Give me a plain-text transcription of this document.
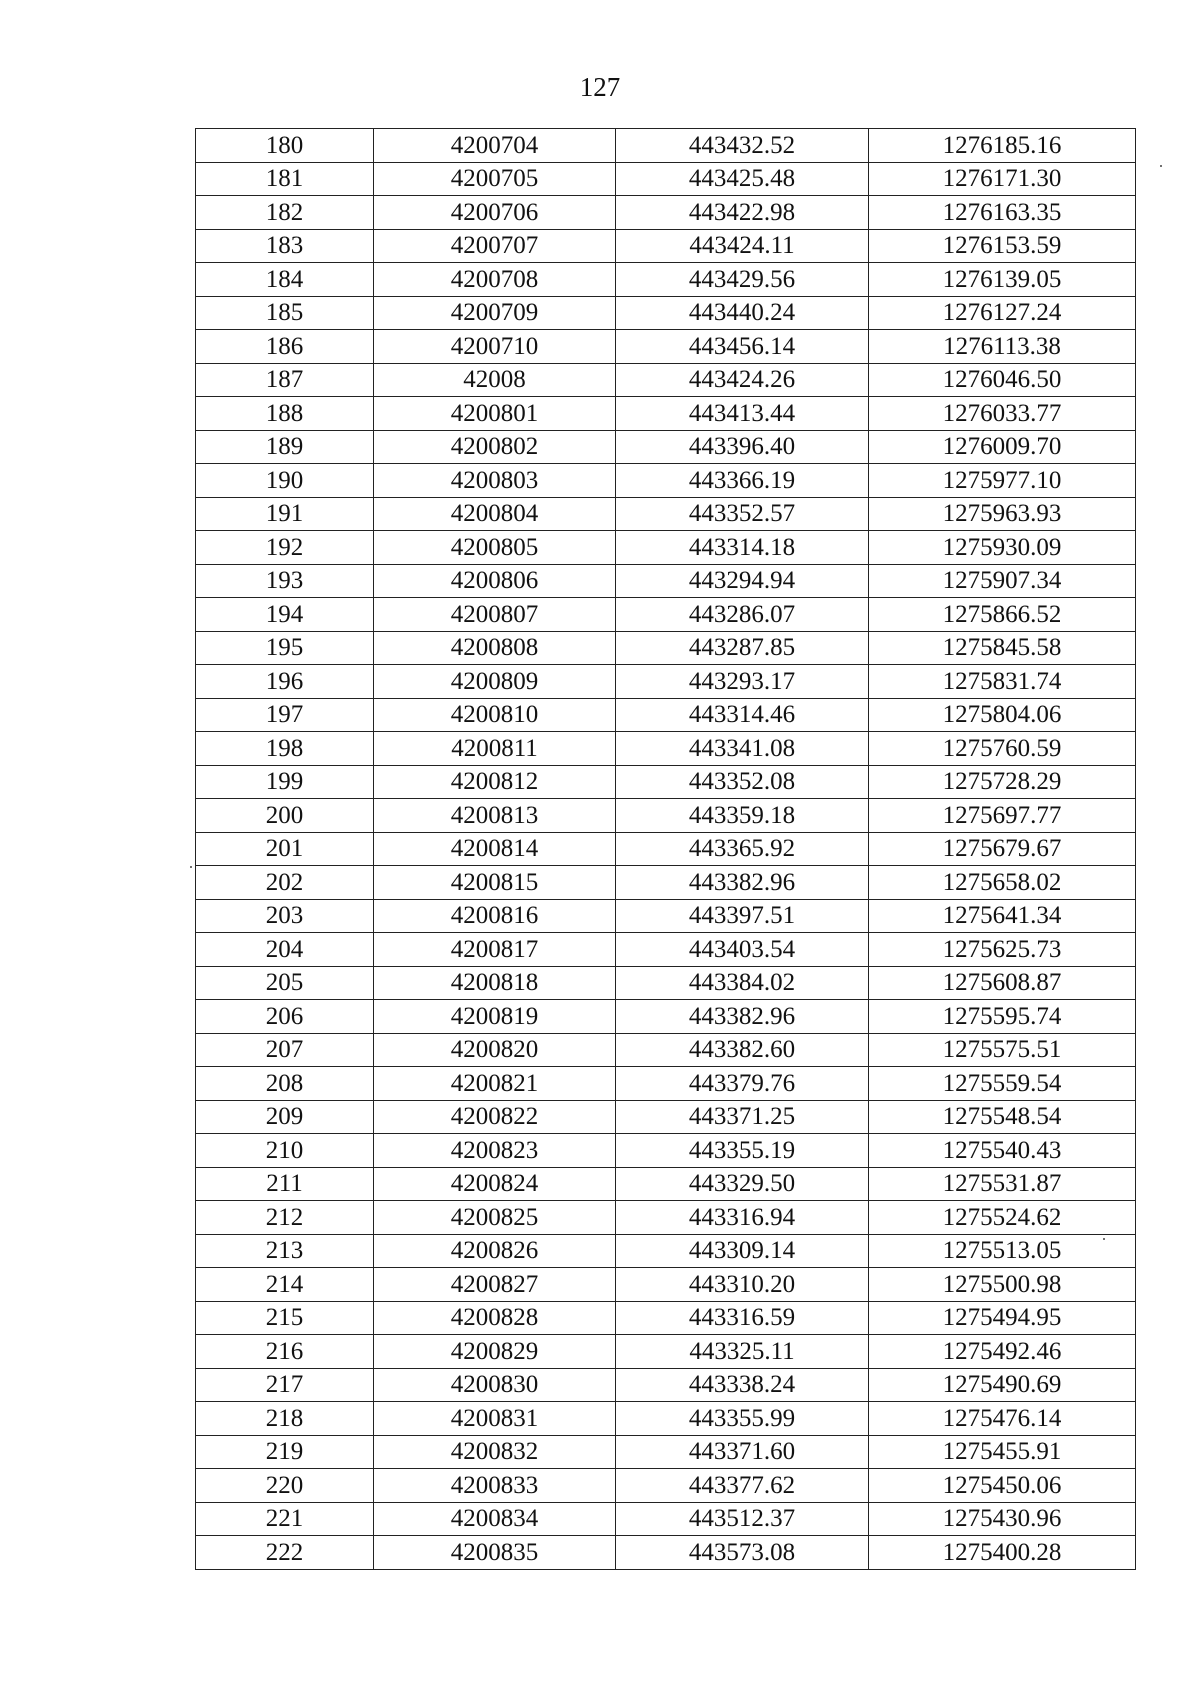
127
180	4200704	443432.52	1276185.16
181	4200705	443425.48	1276171.30
182	4200706	443422.98	1276163.35
183	4200707	443424.11	1276153.59
184	4200708	443429.56	1276139.05
185	4200709	443440.24	1276127.24
186	4200710	443456.14	1276113.38
187	42008	443424.26	1276046.50
188	4200801	443413.44	1276033.77
189	4200802	443396.40	1276009.70
190	4200803	443366.19	1275977.10
191	4200804	443352.57	1275963.93
192	4200805	443314.18	1275930.09
193	4200806	443294.94	1275907.34
194	4200807	443286.07	1275866.52
195	4200808	443287.85	1275845.58
196	4200809	443293.17	1275831.74
197	4200810	443314.46	1275804.06
198	4200811	443341.08	1275760.59
199	4200812	443352.08	1275728.29
200	4200813	443359.18	1275697.77
201	4200814	443365.92	1275679.67
202	4200815	443382.96	1275658.02
203	4200816	443397.51	1275641.34
204	4200817	443403.54	1275625.73
205	4200818	443384.02	1275608.87
206	4200819	443382.96	1275595.74
207	4200820	443382.60	1275575.51
208	4200821	443379.76	1275559.54
209	4200822	443371.25	1275548.54
210	4200823	443355.19	1275540.43
211	4200824	443329.50	1275531.87
212	4200825	443316.94	1275524.62
213	4200826	443309.14	1275513.05
214	4200827	443310.20	1275500.98
215	4200828	443316.59	1275494.95
216	4200829	443325.11	1275492.46
217	4200830	443338.24	1275490.69
218	4200831	443355.99	1275476.14
219	4200832	443371.60	1275455.91
220	4200833	443377.62	1275450.06
221	4200834	443512.37	1275430.96
222	4200835	443573.08	1275400.28
